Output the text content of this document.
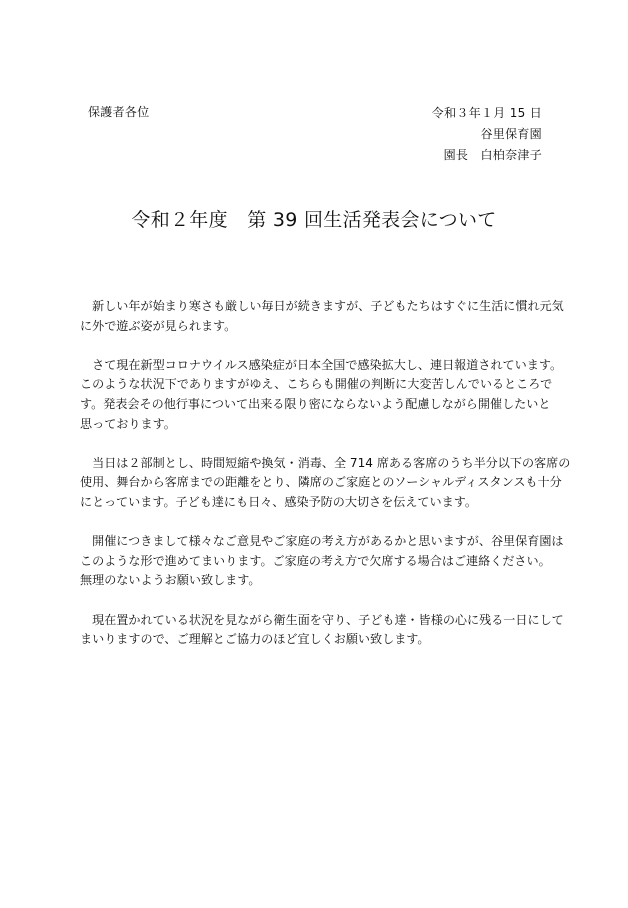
保護者各位	令和３年１月 15 日
谷里保育園
園長　白柏奈津子
令和２年度　第 39 回生活発表会について
　新しい年が始まり寒さも厳しい毎日が続きますが、子どもたちはすぐに生活に慣れ元気
に外で遊ぶ姿が見られます。
　さて現在新型コロナウイルス感染症が日本全国で感染拡大し、連日報道されています。
このような状況下でありますがゆえ、こちらも開催の判断に大変苦しんでいるところで
す。発表会その他行事について出来る限り密にならないよう配慮しながら開催したいと
思っております。
　当日は２部制とし、時間短縮や換気・消毒、全 714 席ある客席のうち半分以下の客席の
使用、舞台から客席までの距離をとり、隣席のご家庭とのソーシャルディスタンスも十分
にとっています。子ども達にも日々、感染予防の大切さを伝えています。
　開催につきまして様々なご意見やご家庭の考え方があるかと思いますが、谷里保育園は
このような形で進めてまいります。ご家庭の考え方で欠席する場合はご連絡ください。
無理のないようお願い致します。
　現在置かれている状況を見ながら衛生面を守り、子ども達・皆様の心に残る一日にして
まいりますので、ご理解とご協力のほど宜しくお願い致します。
